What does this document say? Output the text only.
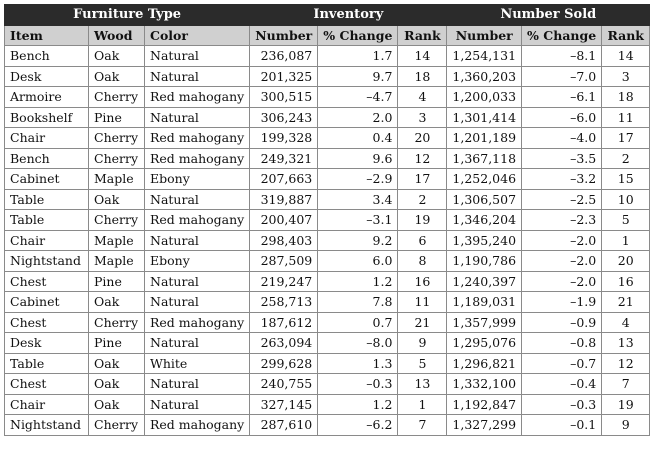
Furniture Type			Inventory			Number Sold		
Item	Wood	Color	Number	% Change	Rank	Number	% Change	Rank
Bench	Oak	Natural	236,087	1.7	14	1,254,131	–8.1	14
Desk	Oak	Natural	201,325	9.7	18	1,360,203	–7.0	3
Armoire	Cherry	Red mahogany	300,515	–4.7	4	1,200,033	–6.1	18
Bookshelf	Pine	Natural	306,243	2.0	3	1,301,414	–6.0	11
Chair	Cherry	Red mahogany	199,328	0.4	20	1,201,189	–4.0	17
Bench	Cherry	Red mahogany	249,321	9.6	12	1,367,118	–3.5	2
Cabinet	Maple	Ebony	207,663	–2.9	17	1,252,046	–3.2	15
Table	Oak	Natural	319,887	3.4	2	1,306,507	–2.5	10
Table	Cherry	Red mahogany	200,407	–3.1	19	1,346,204	–2.3	5
Chair	Maple	Natural	298,403	9.2	6	1,395,240	–2.0	1
Nightstand	Maple	Ebony	287,509	6.0	8	1,190,786	–2.0	20
Chest	Pine	Natural	219,247	1.2	16	1,240,397	–2.0	16
Cabinet	Oak	Natural	258,713	7.8	11	1,189,031	–1.9	21
Chest	Cherry	Red mahogany	187,612	0.7	21	1,357,999	–0.9	4
Desk	Pine	Natural	263,094	–8.0	9	1,295,076	–0.8	13
Table	Oak	White	299,628	1.3	5	1,296,821	–0.7	12
Chest	Oak	Natural	240,755	–0.3	13	1,332,100	–0.4	7
Chair	Oak	Natural	327,145	1.2	1	1,192,847	–0.3	19
Nightstand	Cherry	Red mahogany	287,610	–6.2	7	1,327,299	–0.1	9
